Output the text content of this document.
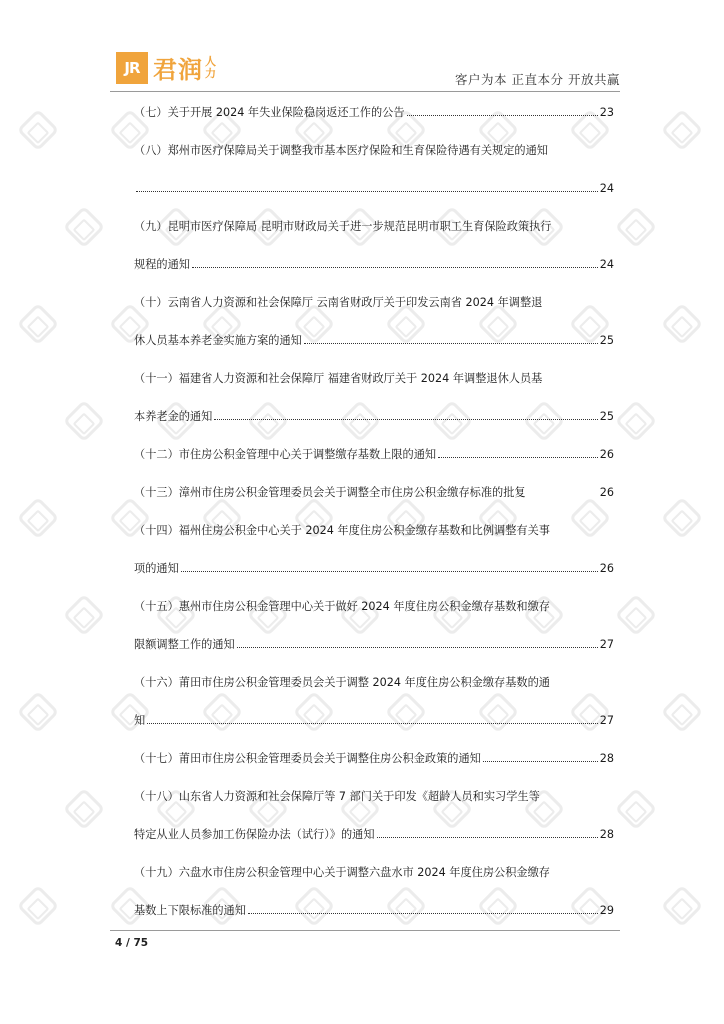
JR 君润 人
力	客户为本 正直本分 开放共赢
（七）关于开展 2024 年失业保险稳岗返还工作的公告	23
（八）郑州市医疗保障局关于调整我市基本医疗保险和生育保险待遇有关规定的通知
24
（九）昆明市医疗保障局 昆明市财政局关于进一步规范昆明市职工生育保险政策执行
规程的通知	24
（十）云南省人力资源和社会保障厅 云南省财政厅关于印发云南省 2024 年调整退
休人员基本养老金实施方案的通知	25
（十一）福建省人力资源和社会保障厅 福建省财政厅关于 2024 年调整退休人员基
本养老金的通知	25
（十二）市住房公积金管理中心关于调整缴存基数上限的通知	26
（十三）漳州市住房公积金管理委员会关于调整全市住房公积金缴存标准的批复	26
（十四）福州住房公积金中心关于 2024 年度住房公积金缴存基数和比例调整有关事
项的通知	26
（十五）惠州市住房公积金管理中心关于做好 2024 年度住房公积金缴存基数和缴存
限额调整工作的通知	27
（十六）莆田市住房公积金管理委员会关于调整 2024 年度住房公积金缴存基数的通
知	27
（十七）莆田市住房公积金管理委员会关于调整住房公积金政策的通知	28
（十八）山东省人力资源和社会保障厅等 7 部门关于印发《超龄人员和实习学生等
特定从业人员参加工伤保险办法（试行）》的通知	28
（十九）六盘水市住房公积金管理中心关于调整六盘水市 2024 年度住房公积金缴存
基数上下限标准的通知	29
4 / 75
